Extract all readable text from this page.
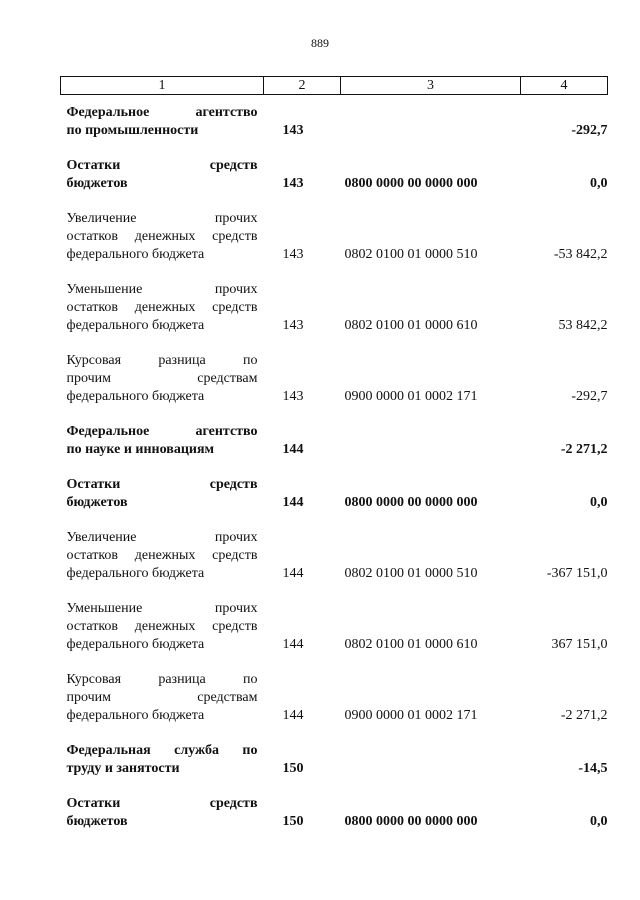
889
1	2	3	4

Федеральное агентство
по промышленности	143		-292,7

Остатки средств
бюджетов	143	0800 0000 00 0000 000	0,0

Увеличение прочих
остатков денежных средств
федерального бюджета	143	0802 0100 01 0000 510	-53 842,2

Уменьшение прочих
остатков денежных средств
федерального бюджета	143	0802 0100 01 0000 610	53 842,2

Курсовая разница по
прочим средствам
федерального бюджета	143	0900 0000 01 0002 171	-292,7

Федеральное агентство
по науке и инновациям	144		-2 271,2

Остатки средств
бюджетов	144	0800 0000 00 0000 000	0,0

Увеличение прочих
остатков денежных средств
федерального бюджета	144	0802 0100 01 0000 510	-367 151,0

Уменьшение прочих
остатков денежных средств
федерального бюджета	144	0802 0100 01 0000 610	367 151,0

Курсовая разница по
прочим средствам
федерального бюджета	144	0900 0000 01 0002 171	-2 271,2

Федеральная служба по
труду и занятости	150		-14,5

Остатки средств
бюджетов	150	0800 0000 00 0000 000	0,0
